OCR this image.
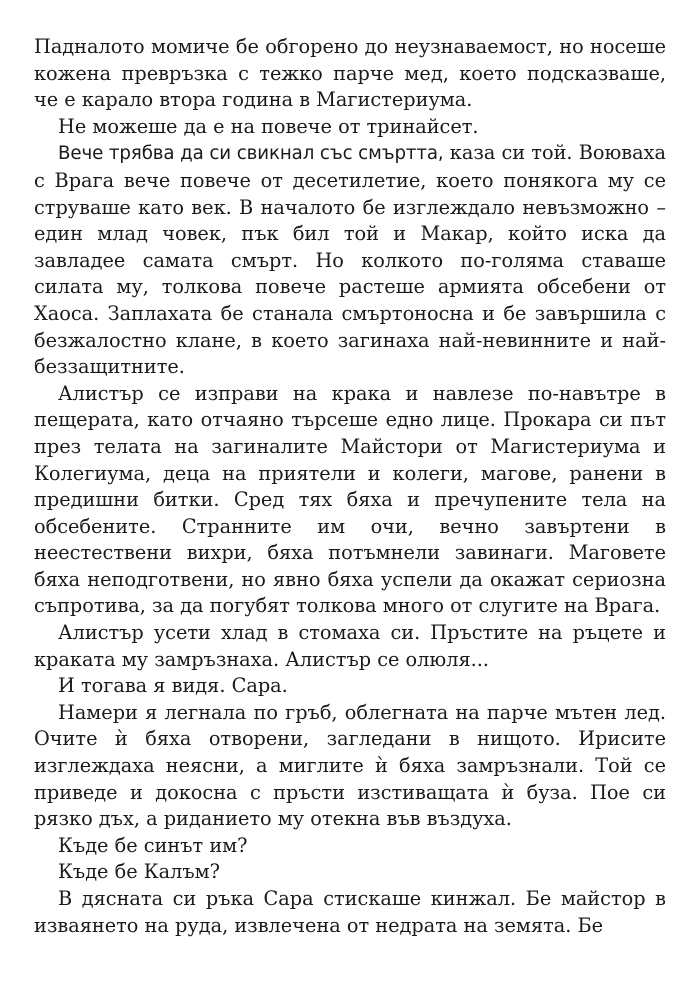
Падналото момиче бе обгорено до неузнаваемост, но носеше кожена превръзка с тежко парче мед, което подсказваше, че е карало втора година в Магистериума.

Не можеше да е на повече от тринайсет.

Вече трябва да си свикнал със смъртта, каза си той. Воюваха с Врага вече повече от десетилетие, което понякога му се струваше като век. В началото бе изглеждало невъзможно – един млад човек, пък бил той и Макар, който иска да завладее самата смърт. Но колкото по-голяма ставаше силата му, толкова повече растеше армията обсебени от Хаоса. Заплахата бе станала смъртоносна и бе завършила с безжалостно клане, в което загинаха най-невинните и най-беззащитните.

Алистър се изправи на крака и навлезе по-навътре в пещерата, като отчаяно търсеше едно лице. Прокара си път през телата на загиналите Майстори от Магистериума и Колегиума, деца на приятели и колеги, магове, ранени в предишни битки. Сред тях бяха и пречупените тела на обсебените. Странните им очи, вечно завъртени в неестествени вихри, бяха потъмнели завинаги. Маговете бяха неподготвени, но явно бяха успели да окажат сериозна съпротива, за да погубят толкова много от слугите на Врага.

Алистър усети хлад в стомаха си. Пръстите на ръцете и краката му замръзнаха. Алистър се олюля...

И тогава я видя. Сара.

Намери я легнала по гръб, облегната на парче мътен лед. Очите ѝ бяха отворени, загледани в нищото. Ирисите изглеждаха неясни, а миглите ѝ бяха замръзнали. Той се приведе и докосна с пръсти изстиващата ѝ буза. Пое си рязко дъх, а риданието му отекна във въздуха.

Къде бе синът им?

Къде бе Калъм?

В дясната си ръка Сара стискаше кинжал. Бе майстор в изваянето на руда, извлечена от недрата на земята. Бе
